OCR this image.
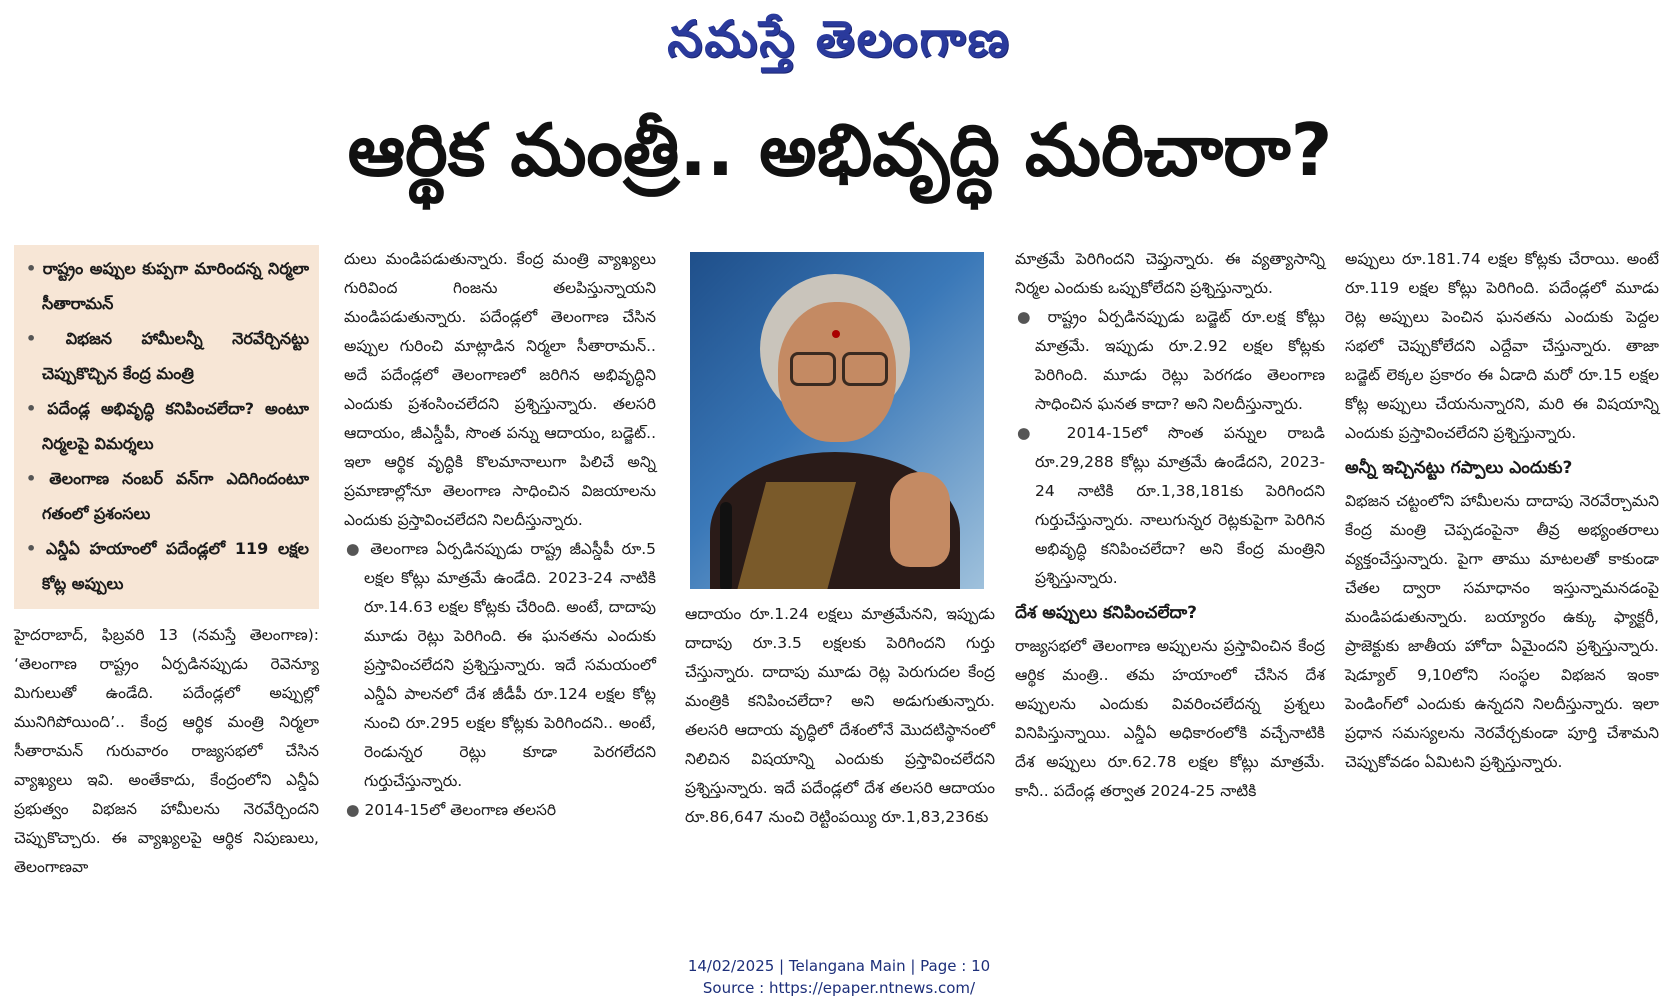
నమస్తే తెలంగాణ
ఆర్థిక మంత్రీ.. అభివృద్ధి మరిచారా?

• రాష్ట్రం అప్పుల కుప్పగా మారిందన్న నిర్మలా సీతారామన్

• విభజన హామీలన్నీ నెరవేర్చినట్టు చెప్పుకొచ్చిన కేంద్ర మంత్రి

• పదేండ్ల అభివృద్ధి కనిపించలేదా? అంటూ నిర్మలపై విమర్శలు

• తెలంగాణ నంబర్ వన్‌గా ఎదిగిందంటూ గతంలో ప్రశంసలు

• ఎన్డీఏ హయాంలో పదేండ్లలో 119 లక్షల కోట్ల అప్పులు

హైదరాబాద్, ఫిబ్రవరి 13 (నమస్తే తెలంగాణ): ‘తెలంగాణ రాష్ట్రం ఏర్పడినప్పుడు రెవెన్యూ మిగులుతో ఉండేది. పదేండ్లలో అప్పుల్లో మునిగిపోయింది’.. కేంద్ర ఆర్థిక మంత్రి నిర్మలా సీతారామన్ గురువారం రాజ్యసభలో చేసిన వ్యాఖ్యలు ఇవి. అంతేకాదు, కేంద్రంలోని ఎన్డీఏ ప్రభుత్వం విభజన హామీలను నెరవేర్చిందని చెప్పుకొచ్చారు. ఈ వ్యాఖ్యలపై ఆర్థిక నిపుణులు, తెలంగాణవా

దులు మండిపడుతున్నారు. కేంద్ర మంత్రి వ్యాఖ్యలు గురివింద గింజను తలపిస్తున్నాయని మండిపడుతున్నారు. పదేండ్లలో తెలంగాణ చేసిన అప్పుల గురించి మాట్లాడిన నిర్మలా సీతారామన్.. అదే పదేండ్లలో తెలంగాణలో జరిగిన అభివృద్ధిని ఎందుకు ప్రశంసించలేదని ప్రశ్నిస్తున్నారు. తలసరి ఆదాయం, జీఎస్డీపీ, సొంత పన్ను ఆదాయం, బడ్జెట్.. ఇలా ఆర్థిక వృద్ధికి కొలమానాలుగా పిలిచే అన్ని ప్రమాణాల్లోనూ తెలంగాణ సాధించిన విజయాలను ఎందుకు ప్రస్తావించలేదని నిలదీస్తున్నారు.

● తెలంగాణ ఏర్పడినప్పుడు రాష్ట్ర జీఎస్డీపీ రూ.5 లక్షల కోట్లు మాత్రమే ఉండేది. 2023-24 నాటికి రూ.14.63 లక్షల కోట్లకు చేరింది. అంటే, దాదాపు మూడు రెట్లు పెరిగింది. ఈ ఘనతను ఎందుకు ప్రస్తావించలేదని ప్రశ్నిస్తున్నారు. ఇదే సమయంలో ఎన్డీఏ పాలనలో దేశ జీడీపీ రూ.124 లక్షల కోట్ల నుంచి రూ.295 లక్షల కోట్లకు పెరిగిందని.. అంటే, రెండున్నర రెట్లు కూడా పెరగలేదని గుర్తుచేస్తున్నారు.

● 2014-15లో తెలంగాణ తలసరి

ఆదాయం రూ.1.24 లక్షలు మాత్రమేనని, ఇప్పుడు దాదాపు రూ.3.5 లక్షలకు పెరిగిందని గుర్తు చేస్తున్నారు. దాదాపు మూడు రెట్ల పెరుగుదల కేంద్ర మంత్రికి కనిపించలేదా? అని అడుగుతున్నారు. తలసరి ఆదాయ వృద్ధిలో దేశంలోనే మొదటిస్థానంలో నిలిచిన విషయాన్ని ఎందుకు ప్రస్తావించలేదని ప్రశ్నిస్తున్నారు. ఇదే పదేండ్లలో దేశ తలసరి ఆదాయం రూ.86,647 నుంచి రెట్టింపయ్యి రూ.1,83,236కు

మాత్రమే పెరిగిందని చెప్తున్నారు. ఈ వ్యత్యాసాన్ని నిర్మల ఎందుకు ఒప్పుకోలేదని ప్రశ్నిస్తున్నారు.

● రాష్ట్రం ఏర్పడినప్పుడు బడ్జెట్ రూ.లక్ష కోట్లు మాత్రమే. ఇప్పుడు రూ.2.92 లక్షల కోట్లకు పెరిగింది. మూడు రెట్లు పెరగడం తెలంగాణ సాధించిన ఘనత కాదా? అని నిలదీస్తున్నారు.

● 2014-15లో సొంత పన్నుల రాబడి రూ.29,288 కోట్లు మాత్రమే ఉండేదని, 2023-24 నాటికి రూ.1,38,181కు పెరిగిందని గుర్తుచేస్తున్నారు. నాలుగున్నర రెట్లకుపైగా పెరిగిన అభివృద్ధి కనిపించలేదా? అని కేంద్ర మంత్రిని ప్రశ్నిస్తున్నారు.

దేశ అప్పులు కనిపించలేదా?

రాజ్యసభలో తెలంగాణ అప్పులను ప్రస్తావించిన కేంద్ర ఆర్థిక మంత్రి.. తమ హయాంలో చేసిన దేశ అప్పులను ఎందుకు వివరించలేదన్న ప్రశ్నలు వినిపిస్తున్నాయి. ఎన్డీఏ అధికారంలోకి వచ్చేనాటికి దేశ అప్పులు రూ.62.78 లక్షల కోట్లు మాత్రమే. కానీ.. పదేండ్ల తర్వాత 2024-25 నాటికి

అప్పులు రూ.181.74 లక్షల కోట్లకు చేరాయి. అంటే రూ.119 లక్షల కోట్లు పెరిగింది. పదేండ్లలో మూడు రెట్ల అప్పులు పెంచిన ఘనతను ఎందుకు పెద్దల సభలో చెప్పుకోలేదని ఎద్దేవా చేస్తున్నారు. తాజా బడ్జెట్ లెక్కల ప్రకారం ఈ ఏడాది మరో రూ.15 లక్షల కోట్ల అప్పులు చేయనున్నారని, మరి ఈ విషయాన్ని ఎందుకు ప్రస్తావించలేదని ప్రశ్నిస్తున్నారు.

అన్నీ ఇచ్చినట్టు గప్పాలు ఎందుకు?

విభజన చట్టంలోని హామీలను దాదాపు నెరవేర్చామని కేంద్ర మంత్రి చెప్పడంపైనా తీవ్ర అభ్యంతరాలు వ్యక్తంచేస్తున్నారు. పైగా తాము మాటలతో కాకుండా చేతల ద్వారా సమాధానం ఇస్తున్నామనడంపై మండిపడుతున్నారు. బయ్యారం ఉక్కు ఫ్యాక్టరీ, ప్రాజెక్టుకు జాతీయ హోదా ఏమైందని ప్రశ్నిస్తున్నారు. షెడ్యూల్ 9,10లోని సంస్థల విభజన ఇంకా పెండింగ్‌లో ఎందుకు ఉన్నదని నిలదీస్తున్నారు. ఇలా ప్రధాన సమస్యలను నెరవేర్చకుండా పూర్తి చేశామని చెప్పుకోవడం ఏమిటని ప్రశ్నిస్తున్నారు.

14/02/2025 | Telangana Main | Page : 10
Source : https://epaper.ntnews.com/
